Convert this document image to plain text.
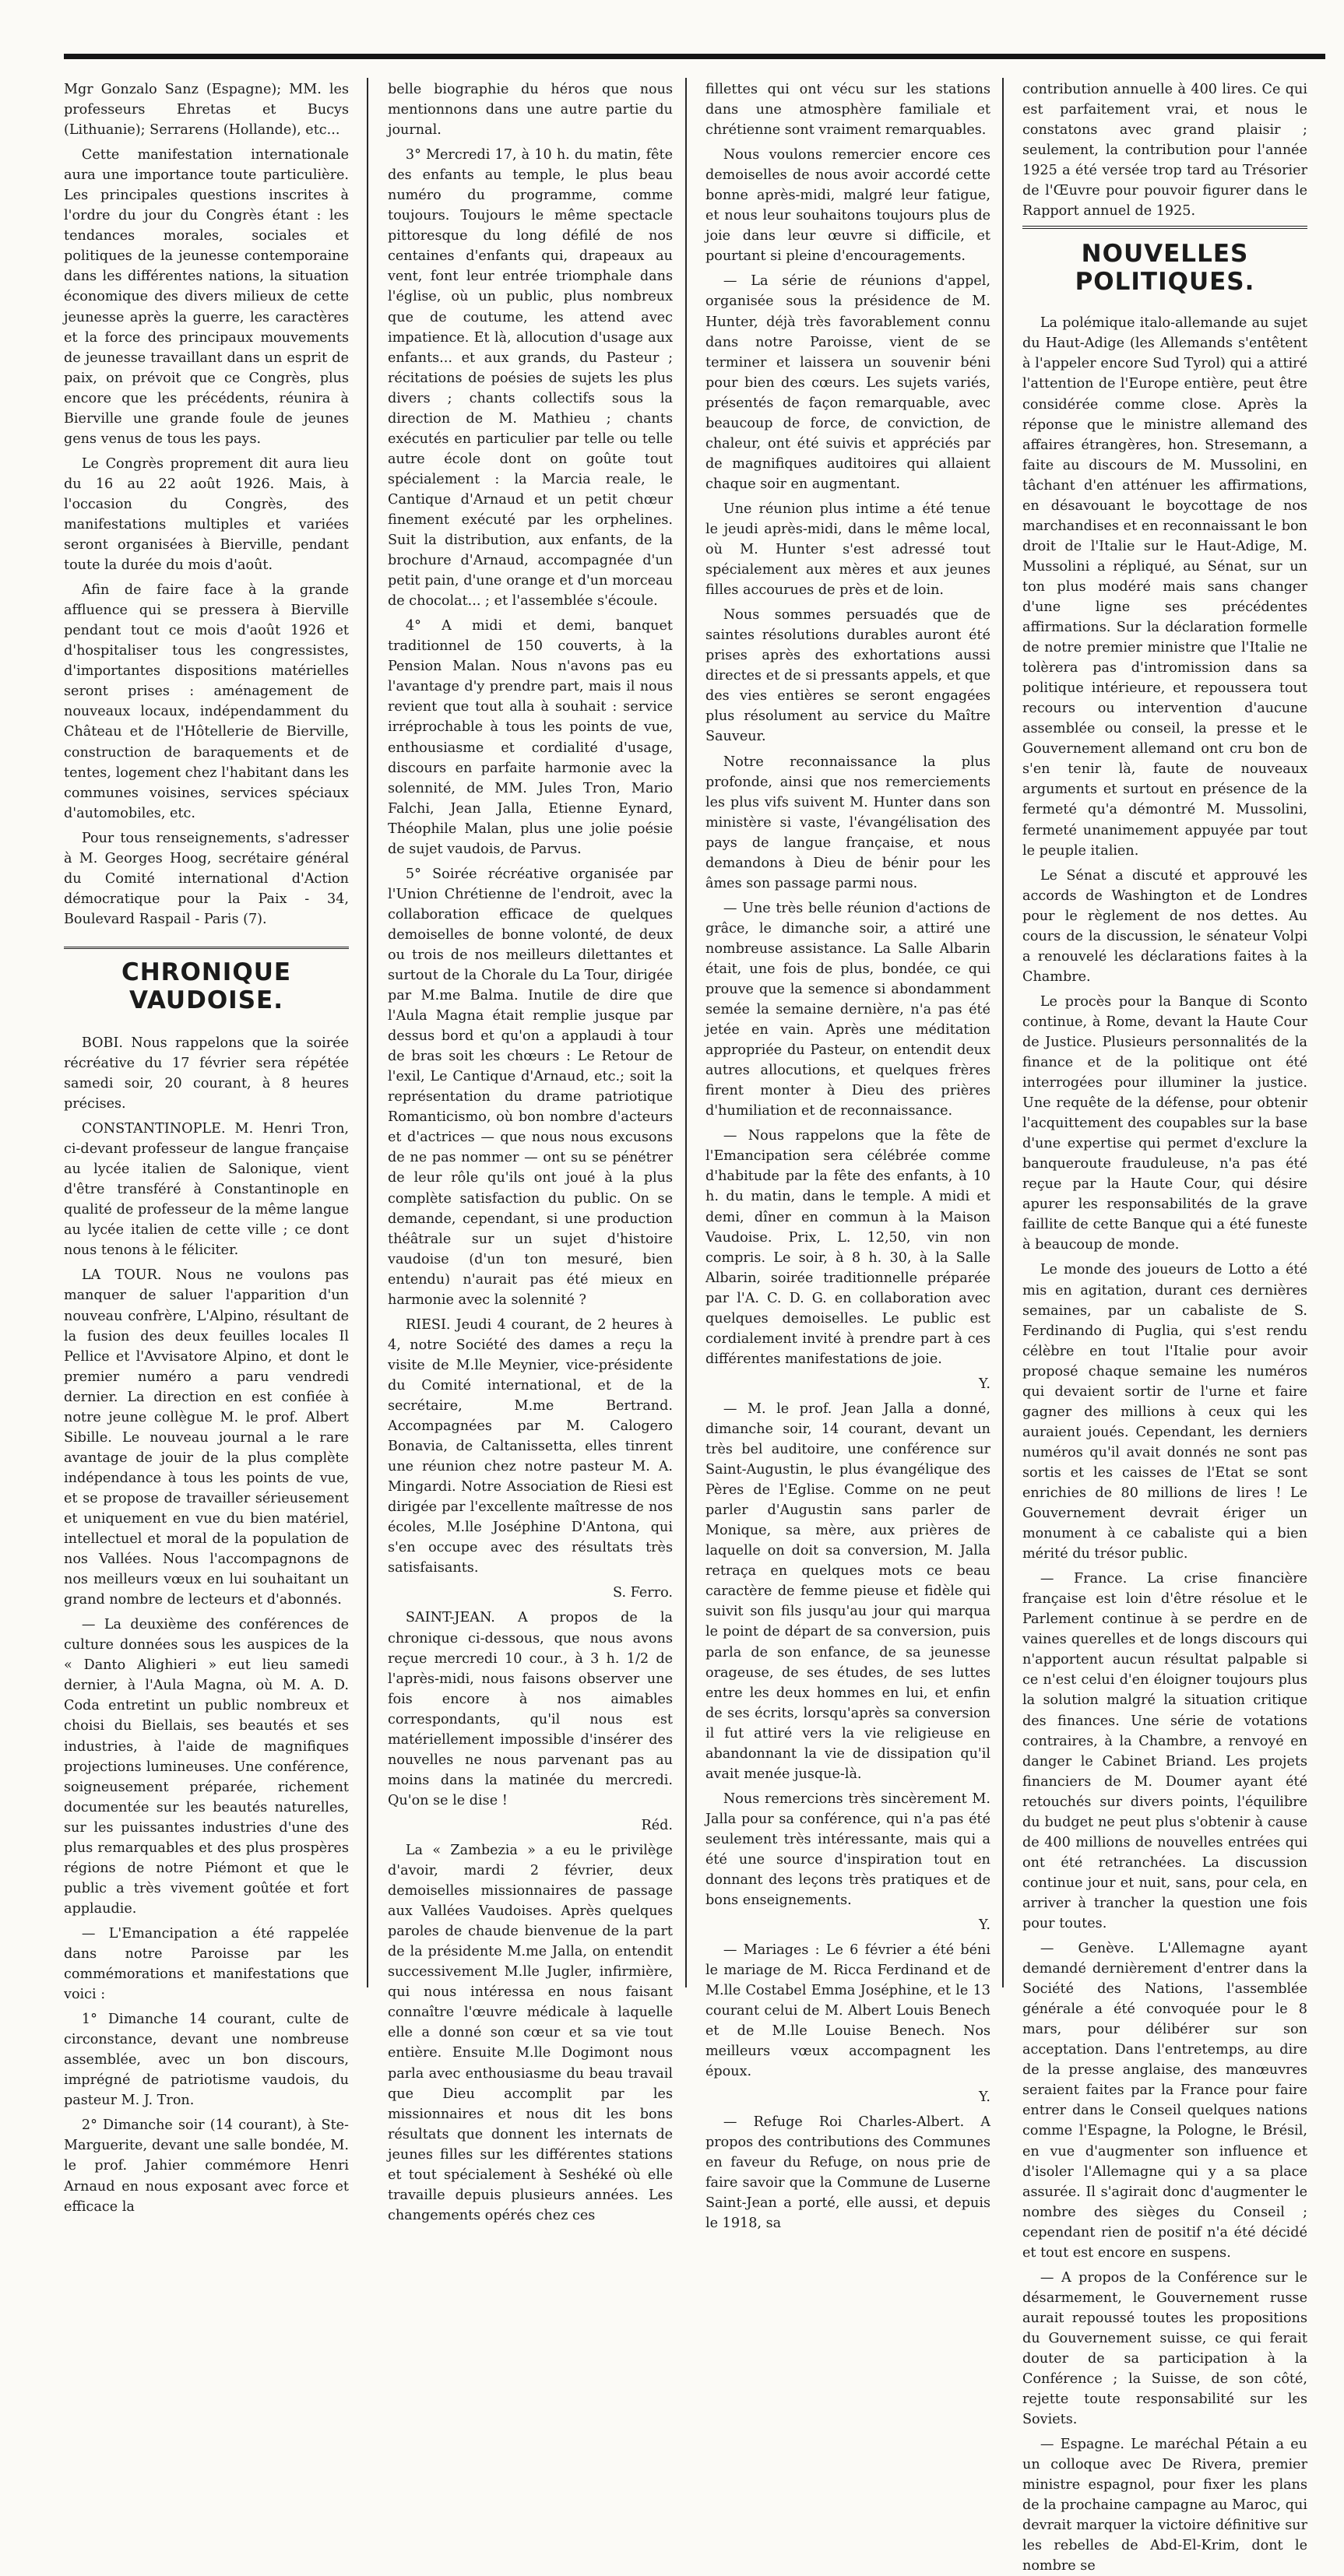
Mgr Gonzalo Sanz (Espagne); MM. les professeurs Ehretas et Bucys (Lithuanie); Serrarens (Hollande), etc...

Cette manifestation internationale aura une importance toute particulière. Les principales questions inscrites à l'ordre du jour du Congrès étant : les tendances morales, sociales et politiques de la jeunesse contemporaine dans les différentes nations, la situation économique des divers milieux de cette jeunesse après la guerre, les caractères et la force des principaux mouvements de jeunesse travaillant dans un esprit de paix, on prévoit que ce Congrès, plus encore que les précédents, réunira à Bierville une grande foule de jeunes gens venus de tous les pays.

Le Congrès proprement dit aura lieu du 16 au 22 août 1926. Mais, à l'occasion du Congrès, des manifestations multiples et variées seront organisées à Bierville, pendant toute la durée du mois d'août.

Afin de faire face à la grande affluence qui se pressera à Bierville pendant tout ce mois d'août 1926 et d'hospitaliser tous les congressistes, d'importantes dispositions matérielles seront prises : aménagement de nouveaux locaux, indépendamment du Château et de l'Hôtellerie de Bierville, construction de baraquements et de tentes, logement chez l'habitant dans les communes voisines, services spéciaux d'automobiles, etc.

Pour tous renseignements, s'adresser à M. Georges Hoog, secrétaire général du Comité international d'Action démocratique pour la Paix - 34, Boulevard Raspail - Paris (7).

CHRONIQUE VAUDOISE.

BOBI. Nous rappelons que la soirée récréative du 17 février sera répétée samedi soir, 20 courant, à 8 heures précises.

CONSTANTINOPLE. M. Henri Tron, ci-devant professeur de langue française au lycée italien de Salonique, vient d'être transféré à Constantinople en qualité de professeur de la même langue au lycée italien de cette ville ; ce dont nous tenons à le féliciter.

LA TOUR. Nous ne voulons pas manquer de saluer l'apparition d'un nouveau confrère, L'Alpino, résultant de la fusion des deux feuilles locales Il Pellice et l'Avvisatore Alpino, et dont le premier numéro a paru vendredi dernier. La direction en est confiée à notre jeune collègue M. le prof. Albert Sibille. Le nouveau journal a le rare avantage de jouir de la plus complète indépendance à tous les points de vue, et se propose de travailler sérieusement et uniquement en vue du bien matériel, intellectuel et moral de la population de nos Vallées. Nous l'accompagnons de nos meilleurs vœux en lui souhaitant un grand nombre de lecteurs et d'abonnés.

— La deuxième des conférences de culture données sous les auspices de la « Danto Alighieri » eut lieu samedi dernier, à l'Aula Magna, où M. A. D. Coda entretint un public nombreux et choisi du Biellais, ses beautés et ses industries, à l'aide de magnifiques projections lumineuses. Une conférence, soigneusement préparée, richement documentée sur les beautés naturelles, sur les puissantes industries d'une des plus remarquables et des plus prospères régions de notre Piémont et que le public a très vivement goûtée et fort applaudie.

— L'Emancipation a été rappelée dans notre Paroisse par les commémorations et manifestations que voici :

1° Dimanche 14 courant, culte de circonstance, devant une nombreuse assemblée, avec un bon discours, imprégné de patriotisme vaudois, du pasteur M. J. Tron.

2° Dimanche soir (14 courant), à Ste-Marguerite, devant une salle bondée, M. le prof. Jahier commémore Henri Arnaud en nous exposant avec force et efficace la

belle biographie du héros que nous mentionnons dans une autre partie du journal.

3° Mercredi 17, à 10 h. du matin, fête des enfants au temple, le plus beau numéro du programme, comme toujours. Toujours le même spectacle pittoresque du long défilé de nos centaines d'enfants qui, drapeaux au vent, font leur entrée triomphale dans l'église, où un public, plus nombreux que de coutume, les attend avec impatience. Et là, allocution d'usage aux enfants... et aux grands, du Pasteur ; récitations de poésies de sujets les plus divers ; chants collectifs sous la direction de M. Mathieu ; chants exécutés en particulier par telle ou telle autre école dont on goûte tout spécialement : la Marcia reale, le Cantique d'Arnaud et un petit chœur finement exécuté par les orphelines. Suit la distribution, aux enfants, de la brochure d'Arnaud, accompagnée d'un petit pain, d'une orange et d'un morceau de chocolat... ; et l'assemblée s'écoule.

4° A midi et demi, banquet traditionnel de 150 couverts, à la Pension Malan. Nous n'avons pas eu l'avantage d'y prendre part, mais il nous revient que tout alla à souhait : service irréprochable à tous les points de vue, enthousiasme et cordialité d'usage, discours en parfaite harmonie avec la solennité, de MM. Jules Tron, Mario Falchi, Jean Jalla, Etienne Eynard, Théophile Malan, plus une jolie poésie de sujet vaudois, de Parvus.

5° Soirée récréative organisée par l'Union Chrétienne de l'endroit, avec la collaboration efficace de quelques demoiselles de bonne volonté, de deux ou trois de nos meilleurs dilettantes et surtout de la Chorale du La Tour, dirigée par M.me Balma. Inutile de dire que l'Aula Magna était remplie jusque par dessus bord et qu'on a applaudi à tour de bras soit les chœurs : Le Retour de l'exil, Le Cantique d'Arnaud, etc.; soit la représentation du drame patriotique Romanticismo, où bon nombre d'acteurs et d'actrices — que nous nous excusons de ne pas nommer — ont su se pénétrer de leur rôle qu'ils ont joué à la plus complète satisfaction du public. On se demande, cependant, si une production théâtrale sur un sujet d'histoire vaudoise (d'un ton mesuré, bien entendu) n'aurait pas été mieux en harmonie avec la solennité ?

RIESI. Jeudi 4 courant, de 2 heures à 4, notre Société des dames a reçu la visite de M.lle Meynier, vice-présidente du Comité international, et de la secrétaire, M.me Bertrand. Accompagnées par M. Calogero Bonavia, de Caltanissetta, elles tinrent une réunion chez notre pasteur M. A. Mingardi. Notre Association de Riesi est dirigée par l'excellente maîtresse de nos écoles, M.lle Joséphine D'Antona, qui s'en occupe avec des résultats très satisfaisants.

S. Ferro.

SAINT-JEAN. A propos de la chronique ci-dessous, que nous avons reçue mercredi 10 cour., à 3 h. 1/2 de l'après-midi, nous faisons observer une fois encore à nos aimables correspondants, qu'il nous est matériellement impossible d'insérer des nouvelles ne nous parvenant pas au moins dans la matinée du mercredi. Qu'on se le dise !

Réd.

La « Zambezia » a eu le privilège d'avoir, mardi 2 février, deux demoiselles missionnaires de passage aux Vallées Vaudoises. Après quelques paroles de chaude bienvenue de la part de la présidente M.me Jalla, on entendit successivement M.lle Jugler, infirmière, qui nous intéressa en nous faisant connaître l'œuvre médicale à laquelle elle a donné son cœur et sa vie tout entière. Ensuite M.lle Dogimont nous parla avec enthousiasme du beau travail que Dieu accomplit par les missionnaires et nous dit les bons résultats que donnent les internats de jeunes filles sur les différentes stations et tout spécialement à Seshéké où elle travaille depuis plusieurs années. Les changements opérés chez ces

fillettes qui ont vécu sur les stations dans une atmosphère familiale et chrétienne sont vraiment remarquables.

Nous voulons remercier encore ces demoiselles de nous avoir accordé cette bonne après-midi, malgré leur fatigue, et nous leur souhaitons toujours plus de joie dans leur œuvre si difficile, et pourtant si pleine d'encouragements.

— La série de réunions d'appel, organisée sous la présidence de M. Hunter, déjà très favorablement connu dans notre Paroisse, vient de se terminer et laissera un souvenir béni pour bien des cœurs. Les sujets variés, présentés de façon remarquable, avec beaucoup de force, de conviction, de chaleur, ont été suivis et appréciés par de magnifiques auditoires qui allaient chaque soir en augmentant.

Une réunion plus intime a été tenue le jeudi après-midi, dans le même local, où M. Hunter s'est adressé tout spécialement aux mères et aux jeunes filles accourues de près et de loin.

Nous sommes persuadés que de saintes résolutions durables auront été prises après des exhortations aussi directes et de si pressants appels, et que des vies entières se seront engagées plus résolument au service du Maître Sauveur.

Notre reconnaissance la plus profonde, ainsi que nos remerciements les plus vifs suivent M. Hunter dans son ministère si vaste, l'évangélisation des pays de langue française, et nous demandons à Dieu de bénir pour les âmes son passage parmi nous.

— Une très belle réunion d'actions de grâce, le dimanche soir, a attiré une nombreuse assistance. La Salle Albarin était, une fois de plus, bondée, ce qui prouve que la semence si abondamment semée la semaine dernière, n'a pas été jetée en vain. Après une méditation appropriée du Pasteur, on entendit deux autres allocutions, et quelques frères firent monter à Dieu des prières d'humiliation et de reconnaissance.

— Nous rappelons que la fête de l'Emancipation sera célébrée comme d'habitude par la fête des enfants, à 10 h. du matin, dans le temple. A midi et demi, dîner en commun à la Maison Vaudoise. Prix, L. 12,50, vin non compris. Le soir, à 8 h. 30, à la Salle Albarin, soirée traditionnelle préparée par l'A. C. D. G. en collaboration avec quelques demoiselles. Le public est cordialement invité à prendre part à ces différentes manifestations de joie.

Y.

— M. le prof. Jean Jalla a donné, dimanche soir, 14 courant, devant un très bel auditoire, une conférence sur Saint-Augustin, le plus évangélique des Pères de l'Eglise. Comme on ne peut parler d'Augustin sans parler de Monique, sa mère, aux prières de laquelle on doit sa conversion, M. Jalla retraça en quelques mots ce beau caractère de femme pieuse et fidèle qui suivit son fils jusqu'au jour qui marqua le point de départ de sa conversion, puis parla de son enfance, de sa jeunesse orageuse, de ses études, de ses luttes entre les deux hommes en lui, et enfin de ses écrits, lorsqu'après sa conversion il fut attiré vers la vie religieuse en abandonnant la vie de dissipation qu'il avait menée jusque-là.

Nous remercions très sincèrement M. Jalla pour sa conférence, qui n'a pas été seulement très intéressante, mais qui a été une source d'inspiration tout en donnant des leçons très pratiques et de bons enseignements.

Y.

— Mariages : Le 6 février a été béni le mariage de M. Ricca Ferdinand et de M.lle Costabel Emma Joséphine, et le 13 courant celui de M. Albert Louis Benech et de M.lle Louise Benech. Nos meilleurs vœux accompagnent les époux.

Y.

— Refuge Roi Charles-Albert. A propos des contributions des Communes en faveur du Refuge, on nous prie de faire savoir que la Commune de Luserne Saint-Jean a porté, elle aussi, et depuis le 1918, sa

contribution annuelle à 400 lires. Ce qui est parfaitement vrai, et nous le constatons avec grand plaisir ; seulement, la contribution pour l'année 1925 a été versée trop tard au Trésorier de l'Œuvre pour pouvoir figurer dans le Rapport annuel de 1925.

NOUVELLES POLITIQUES.

La polémique italo-allemande au sujet du Haut-Adige (les Allemands s'entêtent à l'appeler encore Sud Tyrol) qui a attiré l'attention de l'Europe entière, peut être considérée comme close. Après la réponse que le ministre allemand des affaires étrangères, hon. Stresemann, a faite au discours de M. Mussolini, en tâchant d'en atténuer les affirmations, en désavouant le boycottage de nos marchandises et en reconnaissant le bon droit de l'Italie sur le Haut-Adige, M. Mussolini a répliqué, au Sénat, sur un ton plus modéré mais sans changer d'une ligne ses précédentes affirmations. Sur la déclaration formelle de notre premier ministre que l'Italie ne tolèrera pas d'intromission dans sa politique intérieure, et repoussera tout recours ou intervention d'aucune assemblée ou conseil, la presse et le Gouvernement allemand ont cru bon de s'en tenir là, faute de nouveaux arguments et surtout en présence de la fermeté qu'a démontré M. Mussolini, fermeté unanimement appuyée par tout le peuple italien.

Le Sénat a discuté et approuvé les accords de Washington et de Londres pour le règlement de nos dettes. Au cours de la discussion, le sénateur Volpi a renouvelé les déclarations faites à la Chambre.

Le procès pour la Banque di Sconto continue, à Rome, devant la Haute Cour de Justice. Plusieurs personnalités de la finance et de la politique ont été interrogées pour illuminer la justice. Une requête de la défense, pour obtenir l'acquittement des coupables sur la base d'une expertise qui permet d'exclure la banqueroute frauduleuse, n'a pas été reçue par la Haute Cour, qui désire apurer les responsabilités de la grave faillite de cette Banque qui a été funeste à beaucoup de monde.

Le monde des joueurs de Lotto a été mis en agitation, durant ces dernières semaines, par un cabaliste de S. Ferdinando di Puglia, qui s'est rendu célèbre en tout l'Italie pour avoir proposé chaque semaine les numéros qui devaient sortir de l'urne et faire gagner des millions à ceux qui les auraient joués. Cependant, les derniers numéros qu'il avait donnés ne sont pas sortis et les caisses de l'Etat se sont enrichies de 80 millions de lires ! Le Gouvernement devrait ériger un monument à ce cabaliste qui a bien mérité du trésor public.

— France. La crise financière française est loin d'être résolue et le Parlement continue à se perdre en de vaines querelles et de longs discours qui n'apportent aucun résultat palpable si ce n'est celui d'en éloigner toujours plus la solution malgré la situation critique des finances. Une série de votations contraires, à la Chambre, a renvoyé en danger le Cabinet Briand. Les projets financiers de M. Doumer ayant été retouchés sur divers points, l'équilibre du budget ne peut plus s'obtenir à cause de 400 millions de nouvelles entrées qui ont été retranchées. La discussion continue jour et nuit, sans, pour cela, en arriver à trancher la question une fois pour toutes.

— Genève. L'Allemagne ayant demandé dernièrement d'entrer dans la Société des Nations, l'assemblée générale a été convoquée pour le 8 mars, pour délibérer sur son acceptation. Dans l'entretemps, au dire de la presse anglaise, des manœuvres seraient faites par la France pour faire entrer dans le Conseil quelques nations comme l'Espagne, la Pologne, le Brésil, en vue d'augmenter son influence et d'isoler l'Allemagne qui y a sa place assurée. Il s'agirait donc d'augmenter le nombre des sièges du Conseil ; cependant rien de positif n'a été décidé et tout est encore en suspens.

— A propos de la Conférence sur le désarmement, le Gouvernement russe aurait repoussé toutes les propositions du Gouvernement suisse, ce qui ferait douter de sa participation à la Conférence ; la Suisse, de son côté, rejette toute responsabilité sur les Soviets.

— Espagne. Le maréchal Pétain a eu un colloque avec De Rivera, premier ministre espagnol, pour fixer les plans de la prochaine campagne au Maroc, qui devrait marquer la victoire définitive sur les rebelles de Abd-El-Krim, dont le nombre se
